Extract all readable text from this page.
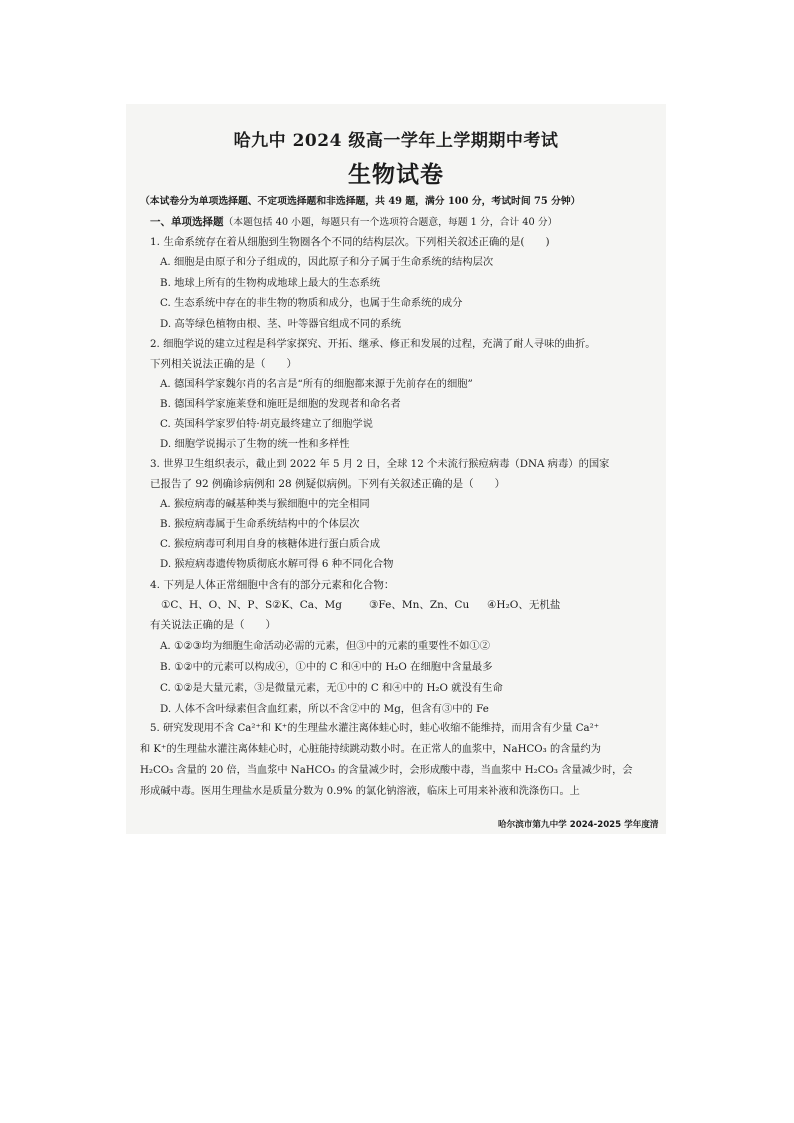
哈九中 2024 级高一学年上学期期中考试
生物试卷
（本试卷分为单项选择题、不定项选择题和非选择题，共 49 题，满分 100 分，考试时间 75 分钟）
一、单项选择题（本题包括 40 小题，每题只有一个选项符合题意，每题 1 分，合计 40 分）
1. 生命系统存在着从细胞到生物圈各个不同的结构层次。下列相关叙述正确的是(　　)
A. 细胞是由原子和分子组成的，因此原子和分子属于生命系统的结构层次
B. 地球上所有的生物构成地球上最大的生态系统
C. 生态系统中存在的非生物的物质和成分，也属于生命系统的成分
D. 高等绿色植物由根、茎、叶等器官组成不同的系统
2. 细胞学说的建立过程是科学家探究、开拓、继承、修正和发展的过程，充满了耐人寻味的曲折。
下列相关说法正确的是（　　）
A. 德国科学家魏尔肖的名言是“所有的细胞都来源于先前存在的细胞”
B. 德国科学家施莱登和施旺是细胞的发现者和命名者
C. 英国科学家罗伯特·胡克最终建立了细胞学说
D. 细胞学说揭示了生物的统一性和多样性
3. 世界卫生组织表示，截止到 2022 年 5 月 2 日，全球 12 个未流行猴痘病毒（DNA 病毒）的国家
已报告了 92 例确诊病例和 28 例疑似病例。下列有关叙述正确的是（　　）
A. 猴痘病毒的碱基种类与猴细胞中的完全相同
B. 猴痘病毒属于生命系统结构中的个体层次
C. 猴痘病毒可利用自身的核糖体进行蛋白质合成
D. 猴痘病毒遗传物质彻底水解可得 6 种不同化合物
4. 下列是人体正常细胞中含有的部分元素和化合物：
①C、H、O、N、P、S ②K、Ca、Mg	③Fe、Mn、Zn、Cu ④H₂O、无机盐
有关说法正确的是（　　）
A. ①②③均为细胞生命活动必需的元素，但③中的元素的重要性不如①②
B. ①②中的元素可以构成④，①中的 C 和④中的 H₂O 在细胞中含量最多
C. ①②是大量元素，③是微量元素，无①中的 C 和④中的 H₂O 就没有生命
D. 人体不含叶绿素但含血红素，所以不含②中的 Mg，但含有③中的 Fe
5. 研究发现用不含 Ca²⁺和 K⁺的生理盐水灌注离体蛙心时，蛙心收缩不能维持，而用含有少量 Ca²⁺
和 K⁺的生理盐水灌注离体蛙心时，心脏能持续跳动数小时。在正常人的血浆中，NaHCO₃ 的含量约为
H₂CO₃ 含量的 20 倍，当血浆中 NaHCO₃ 的含量减少时，会形成酸中毒，当血浆中 H₂CO₃ 含量减少时，会
形成碱中毒。医用生理盐水是质量分数为 0.9% 的氯化钠溶液，临床上可用来补液和洗涤伤口。上
哈尔滨市第九中学 2024-2025 学年度清
